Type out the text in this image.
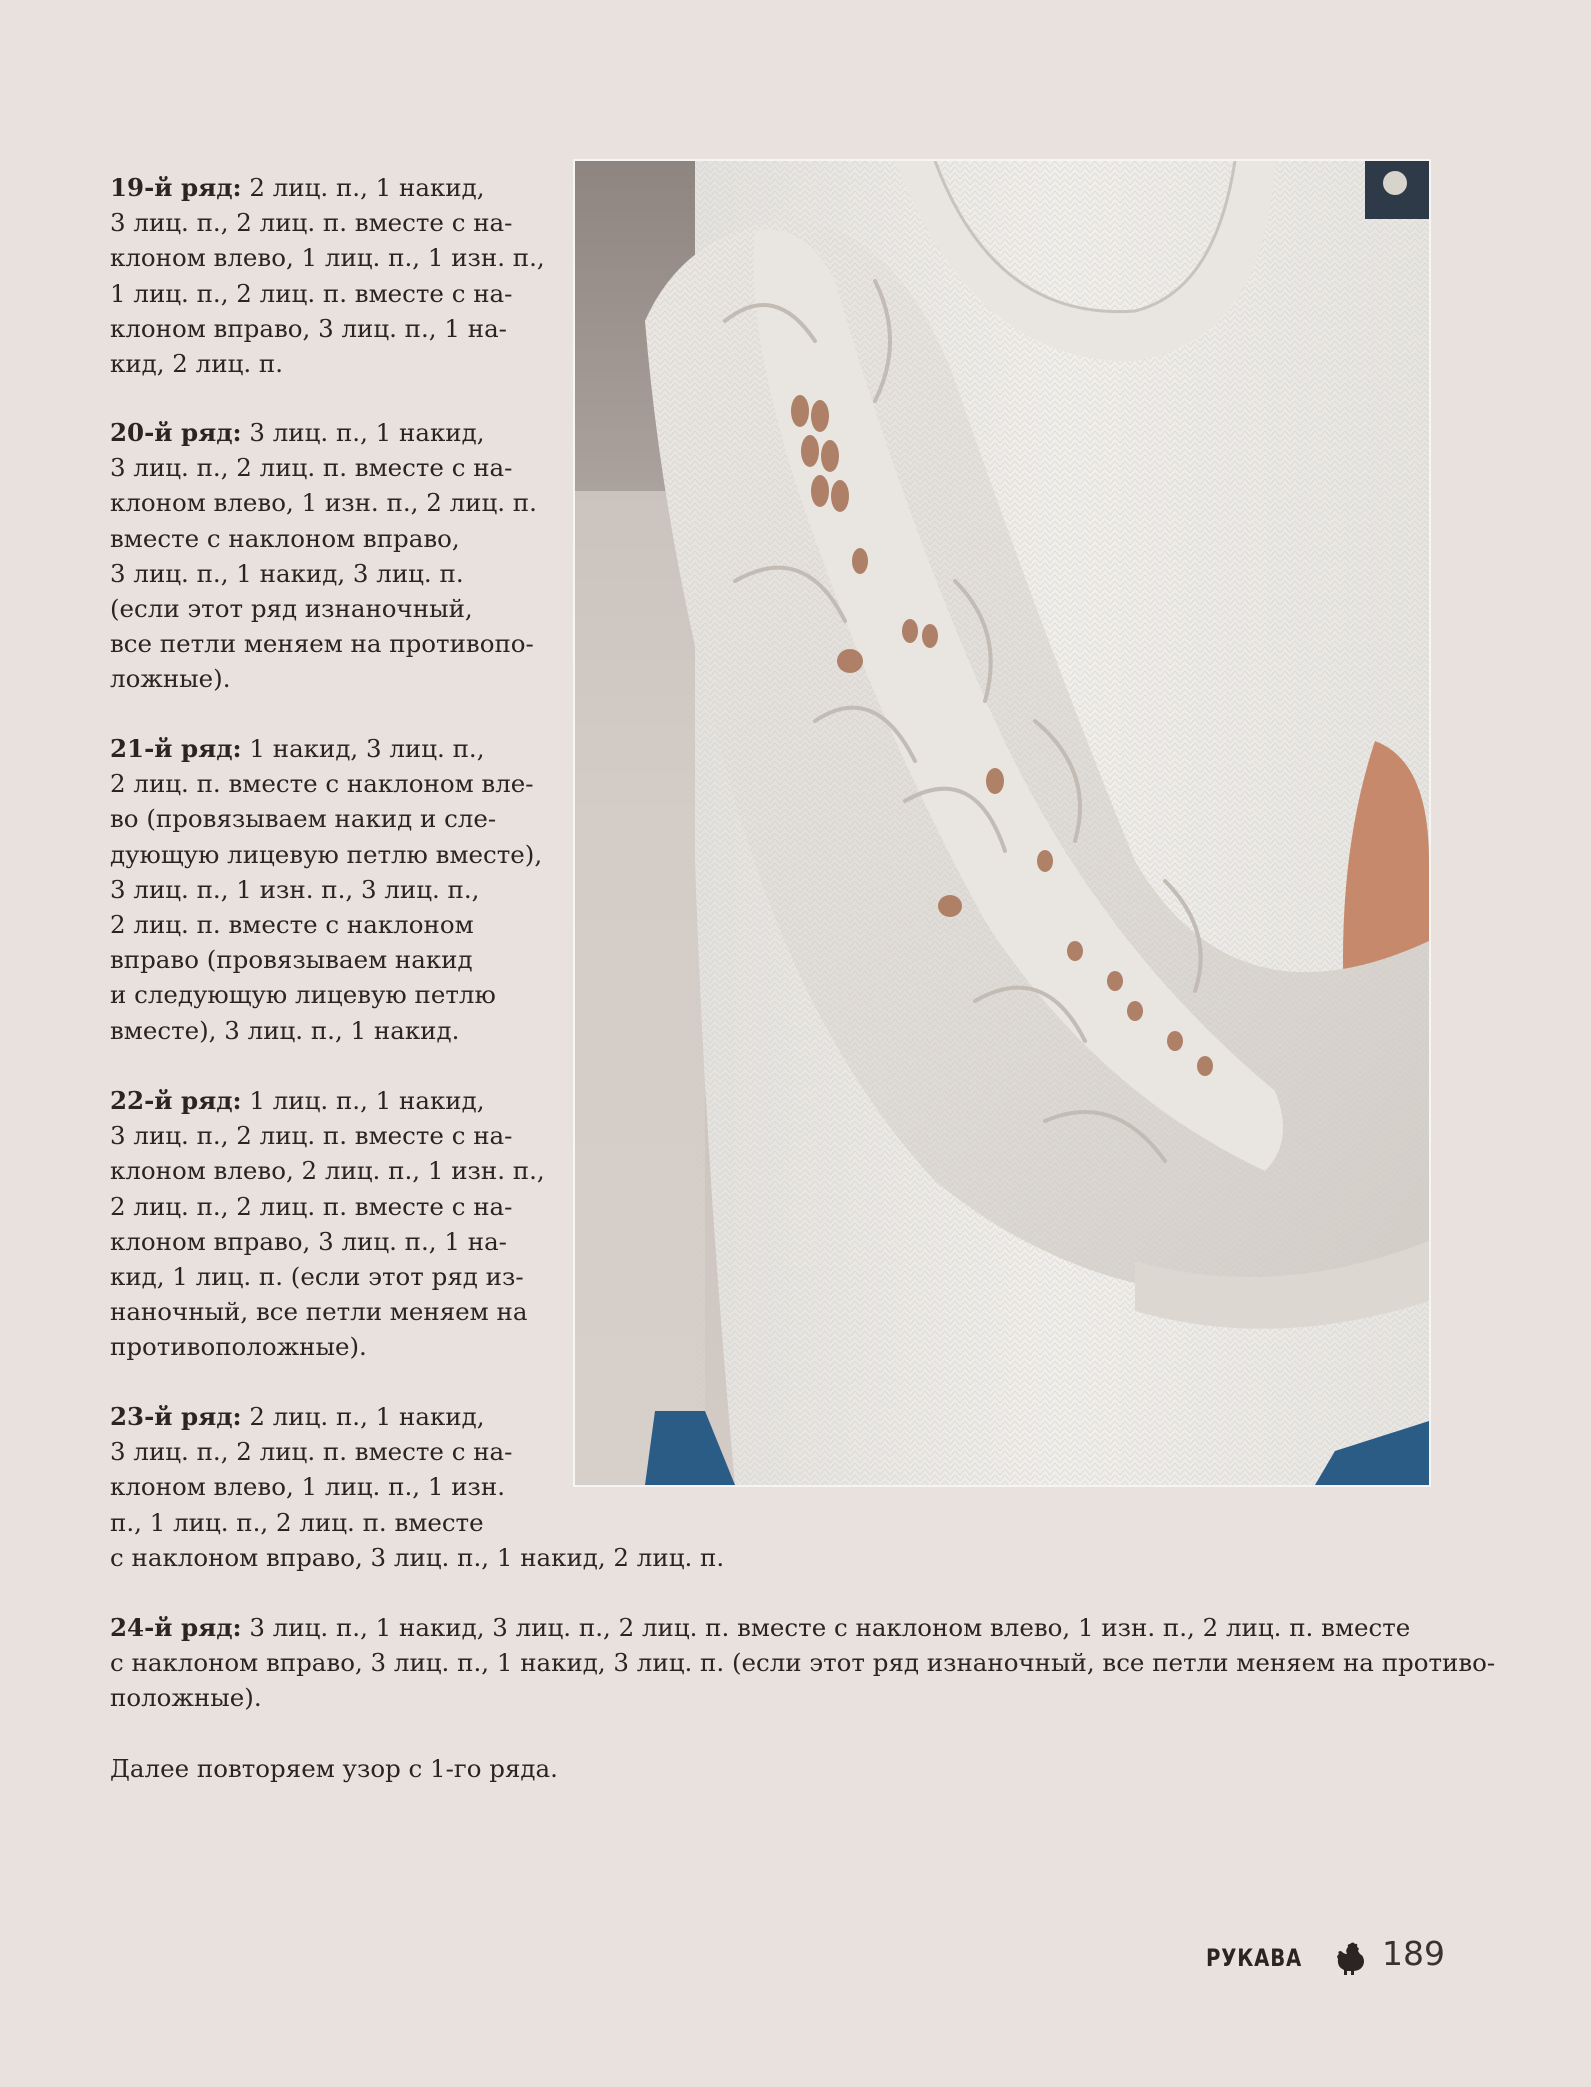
19-й ряд: 2 лиц. п., 1 накид,
3 лиц. п., 2 лиц. п. вместе с на-
клоном влево, 1 лиц. п., 1 изн. п.,
1 лиц. п., 2 лиц. п. вместе с на-
клоном вправо, 3 лиц. п., 1 на-
кид, 2 лиц. п.

20-й ряд: 3 лиц. п., 1 накид,
3 лиц. п., 2 лиц. п. вместе с на-
клоном влево, 1 изн. п., 2 лиц. п.
вместе с наклоном вправо,
3 лиц. п., 1 накид, 3 лиц. п.
(если этот ряд изнаночный,
все петли меняем на противопо-
ложные).

21-й ряд: 1 накид, 3 лиц. п.,
2 лиц. п. вместе с наклоном вле-
во (провязываем накид и сле-
дующую лицевую петлю вместе),
3 лиц. п., 1 изн. п., 3 лиц. п.,
2 лиц. п. вместе с наклоном
вправо (провязываем накид
и следующую лицевую петлю
вместе), 3 лиц. п., 1 накид.

22-й ряд: 1 лиц. п., 1 накид,
3 лиц. п., 2 лиц. п. вместе с на-
клоном влево, 2 лиц. п., 1 изн. п.,
2 лиц. п., 2 лиц. п. вместе с на-
клоном вправо, 3 лиц. п., 1 на-
кид, 1 лиц. п. (если этот ряд из-
наночный, все петли меняем на
противоположные).

23-й ряд: 2 лиц. п., 1 накид,
3 лиц. п., 2 лиц. п. вместе с на-
клоном влево, 1 лиц. п., 1 изн.
п., 1 лиц. п., 2 лиц. п. вместе
с наклоном вправо, 3 лиц. п., 1 накид, 2 лиц. п.

24-й ряд: 3 лиц. п., 1 накид, 3 лиц. п., 2 лиц. п. вместе с наклоном влево, 1 изн. п., 2 лиц. п. вместе
с наклоном вправо, 3 лиц. п., 1 накид, 3 лиц. п. (если этот ряд изнаночный, все петли меняем на противо-
положные).

Далее повторяем узор с 1-го ряда.

РУКАВА 189
